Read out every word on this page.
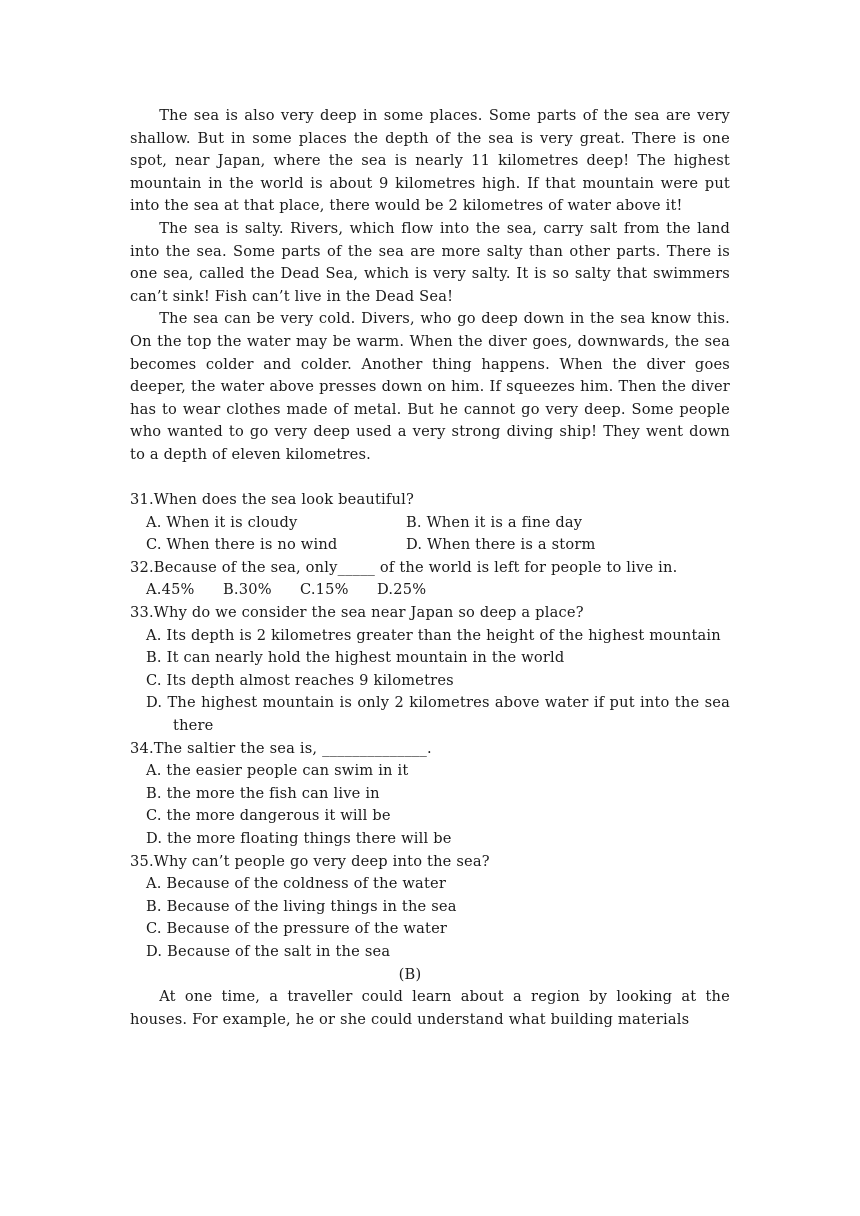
The sea is also very deep in some places. Some parts of the sea are very shallow. But in some places the depth of the sea is very great. There is one spot, near Japan, where the sea is nearly 11 kilometres deep! The highest mountain in the world is about 9 kilometres high. If that mountain were put into the sea at that place, there would be 2 kilometres of water above it!

The sea is salty. Rivers, which flow into the sea, carry salt from the land into the sea. Some parts of the sea are more salty than other parts. There is one sea, called the Dead Sea, which is very salty. It is so salty that swimmers can’t sink! Fish can’t live in the Dead Sea!

The sea can be very cold. Divers, who go deep down in the sea know this. On the top the water may be warm. When the diver goes, downwards, the sea becomes colder and colder. Another thing happens. When the diver goes deeper, the water above presses down on him. If squeezes him. Then the diver has to wear clothes made of metal. But he cannot go very deep. Some people who wanted to go very deep used a very strong diving ship! They went down to a depth of eleven kilometres.

31.When does the sea look beautiful?

A. When it is cloudy	B. When it is a fine day
C. When there is no wind	D. When there is a storm

32.Because of the sea, only_____ of the world is left for people to live in.

A.45%	B.30%	C.15%	D.25%

33.Why do we consider the sea near Japan so deep a place?

A. Its depth is 2 kilometres greater than the height of the highest mountain

B. It can nearly hold the highest mountain in the world

C. Its depth almost reaches 9 kilometres

D. The highest mountain is only 2 kilometres above water if put into the sea there

34.The saltier the sea is, ______________.

A. the easier people can swim in it

B. the more the fish can live in

C. the more dangerous it will be

D. the more floating things there will be

35.Why can’t people go very deep into the sea?

A. Because of the coldness of the water

B. Because of the living things in the sea

C. Because of the pressure of the water

D. Because of the salt in the sea

(B)

At one time, a traveller could learn about a region by looking at the houses. For example, he or she could understand what building materials
